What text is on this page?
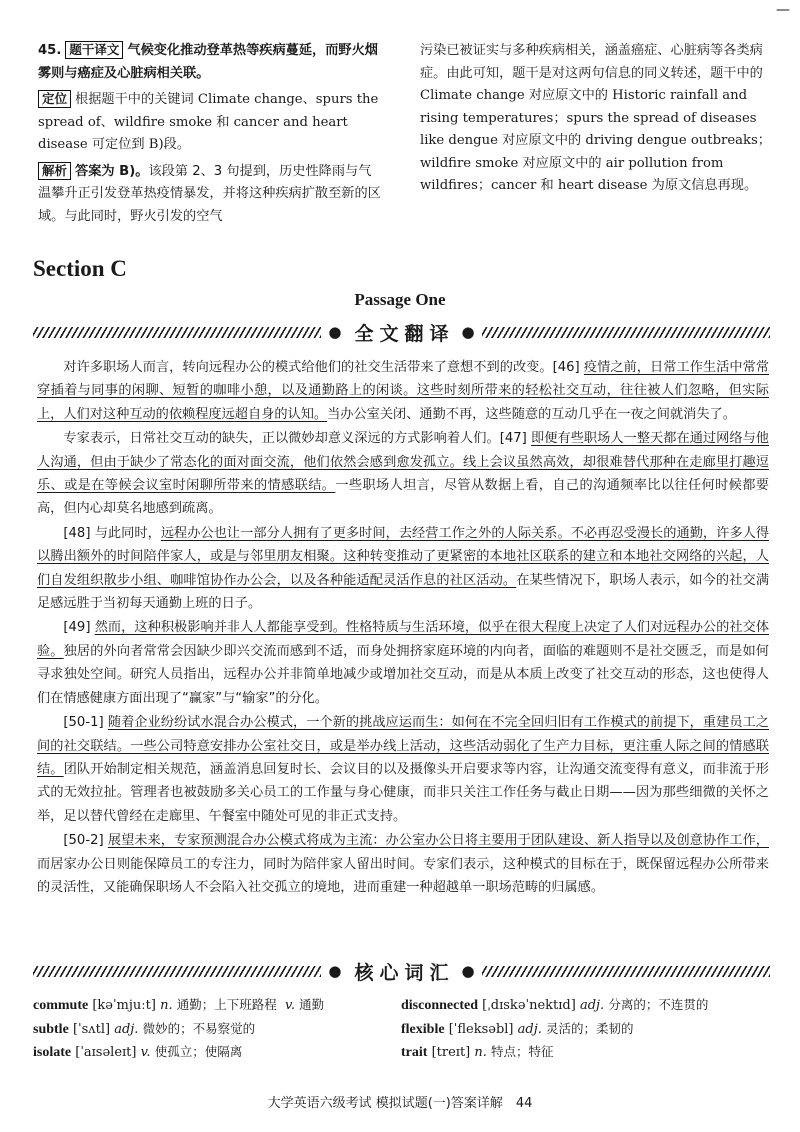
—

45. 题干译文 气候变化推动登革热等疾病蔓延，而野火烟雾则与癌症及心脏病相关联。

定位 根据题干中的关键词 Climate change、spurs the spread of、wildfire smoke 和 cancer and heart disease 可定位到 B)段。

解析 答案为 B)。该段第 2、3 句提到，历史性降雨与气温攀升正引发登革热疫情暴发，并将这种疾病扩散至新的区域。与此同时，野火引发的空气

污染已被证实与多种疾病相关，涵盖癌症、心脏病等各类病症。由此可知，题干是对这两句信息的同义转述，题干中的 Climate change 对应原文中的 Historic rainfall and rising temperatures；spurs the spread of diseases like dengue 对应原文中的 driving dengue outbreaks；wildfire smoke 对应原文中的 air pollution from wildfires；cancer 和 heart disease 为原文信息再现。

Section C
Passage One
● 全文翻译 ●

对许多职场人而言，转向远程办公的模式给他们的社交生活带来了意想不到的改变。[46] 疫情之前，日常工作生活中常常穿插着与同事的闲聊、短暂的咖啡小憩，以及通勤路上的闲谈。这些时刻所带来的轻松社交互动，往往被人们忽略，但实际上，人们对这种互动的依赖程度远超自身的认知。当办公室关闭、通勤不再，这些随意的互动几乎在一夜之间就消失了。

专家表示，日常社交互动的缺失，正以微妙却意义深远的方式影响着人们。[47] 即便有些职场人一整天都在通过网络与他人沟通，但由于缺少了常态化的面对面交流，他们依然会感到愈发孤立。线上会议虽然高效，却很难替代那种在走廊里打趣逗乐、或是在等候会议室时闲聊所带来的情感联结。一些职场人坦言，尽管从数据上看，自己的沟通频率比以往任何时候都要高，但内心却莫名地感到疏离。

[48] 与此同时，远程办公也让一部分人拥有了更多时间，去经营工作之外的人际关系。不必再忍受漫长的通勤，许多人得以腾出额外的时间陪伴家人，或是与邻里朋友相聚。这种转变推动了更紧密的本地社区联系的建立和本地社交网络的兴起，人们自发组织散步小组、咖啡馆协作办公会，以及各种能适配灵活作息的社区活动。在某些情况下，职场人表示，如今的社交满足感远胜于当初每天通勤上班的日子。

[49] 然而，这种积极影响并非人人都能享受到。性格特质与生活环境，似乎在很大程度上决定了人们对远程办公的社交体验。独居的外向者常常会因缺少即兴交流而感到不适，而身处拥挤家庭环境的内向者，面临的难题则不是社交匮乏，而是如何寻求独处空间。研究人员指出，远程办公并非简单地减少或增加社交互动，而是从本质上改变了社交互动的形态，这也使得人们在情感健康方面出现了“赢家”与“输家”的分化。

[50-1] 随着企业纷纷试水混合办公模式，一个新的挑战应运而生：如何在不完全回归旧有工作模式的前提下，重建员工之间的社交联结。一些公司特意安排办公室社交日，或是举办线上活动，这些活动弱化了生产力目标，更注重人际之间的情感联结。团队开始制定相关规范，涵盖消息回复时长、会议目的以及摄像头开启要求等内容，让沟通交流变得有意义，而非流于形式的无效拉扯。管理者也被鼓励多关心员工的工作量与身心健康，而非只关注工作任务与截止日期——因为那些细微的关怀之举，足以替代曾经在走廊里、午餐室中随处可见的非正式支持。

[50-2] 展望未来，专家预测混合办公模式将成为主流：办公室办公日将主要用于团队建设、新人指导以及创意协作工作，而居家办公日则能保障员工的专注力，同时为陪伴家人留出时间。专家们表示，这种模式的目标在于，既保留远程办公所带来的灵活性，又能确保职场人不会陷入社交孤立的境地，进而重建一种超越单一职场范畴的归属感。

● 核心词汇 ●
commute [kəˈmjuːt] n. 通勤；上下班路程 v. 通勤
subtle [ˈsʌtl] adj. 微妙的；不易察觉的
isolate [ˈaɪsəleɪt] v. 使孤立；使隔离
disconnected [ˌdɪskəˈnektɪd] adj. 分离的；不连贯的
flexible [ˈfleksəbl] adj. 灵活的；柔韧的
trait [treɪt] n. 特点；特征
大学英语六级考试 模拟试题(一)答案详解　44
